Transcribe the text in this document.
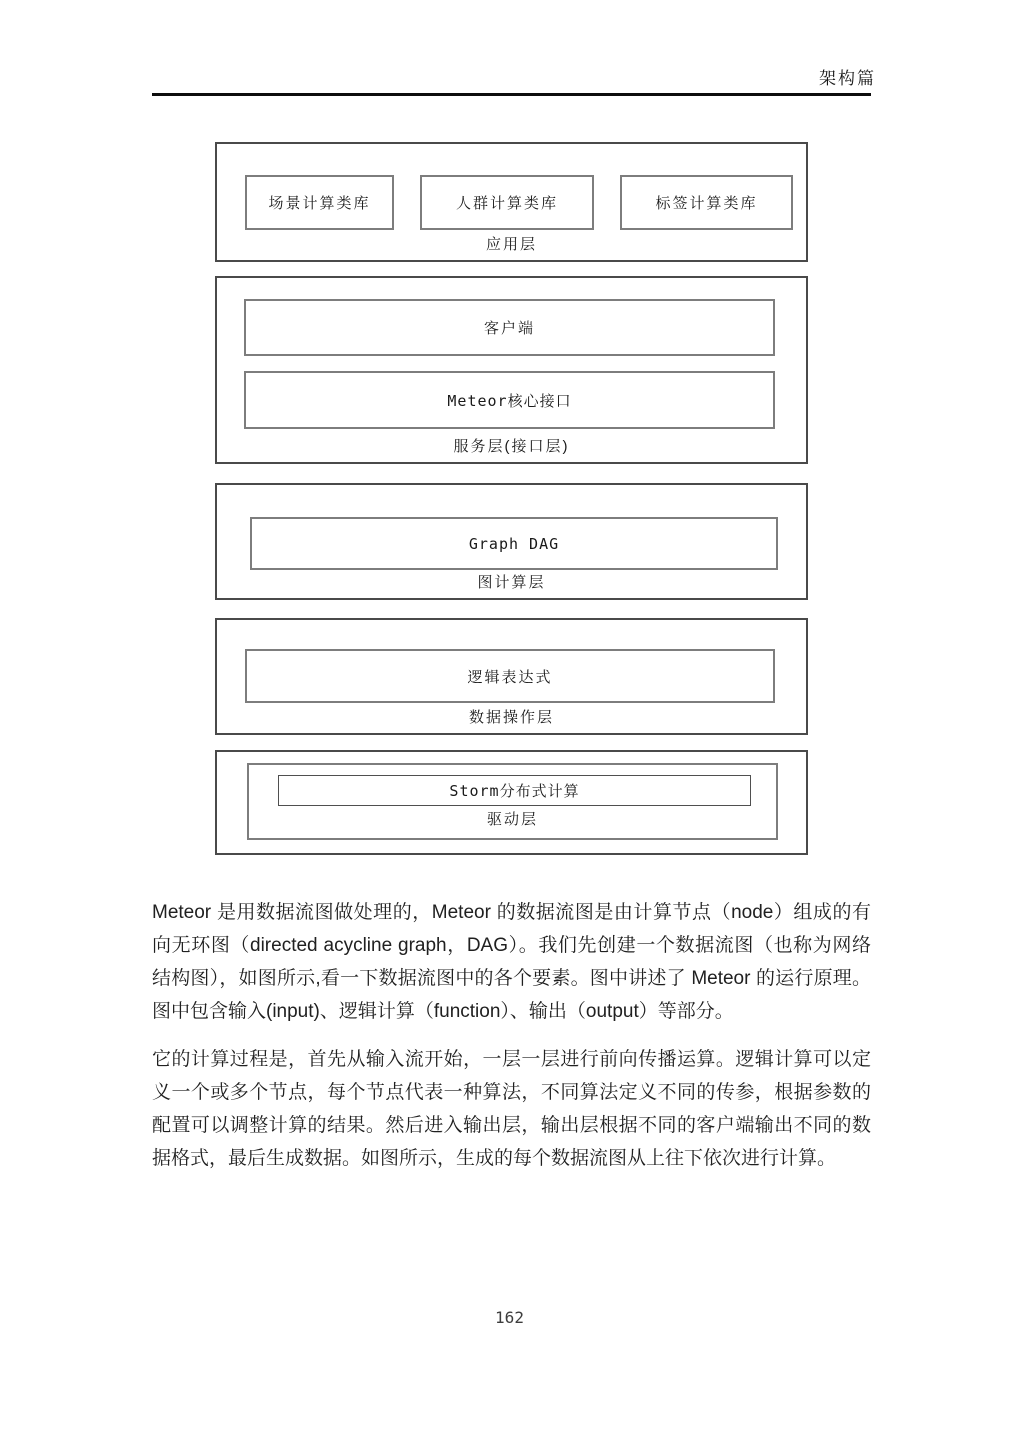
架构篇
场景计算类库	人群计算类库	标签计算类库
应用层
客户端
Meteor核心接口
服务层(接口层)
Graph DAG
图计算层
逻辑表达式
数据操作层
Storm分布式计算
驱动层

Meteor 是用数据流图做处理的，Meteor 的数据流图是由计算节点（node）组成的有向无环图（directed acycline graph，DAG）。我们先创建一个数据流图（也称为网络结构图），如图所示,看一下数据流图中的各个要素。图中讲述了 Meteor 的运行原理。图中包含输入(input)、逻辑计算（function）、输出（output）等部分。

它的计算过程是，首先从输入流开始，一层一层进行前向传播运算。逻辑计算可以定义一个或多个节点，每个节点代表一种算法，不同算法定义不同的传参，根据参数的配置可以调整计算的结果。然后进入输出层，输出层根据不同的客户端输出不同的数据格式，最后生成数据。如图所示，生成的每个数据流图从上往下依次进行计算。

162
